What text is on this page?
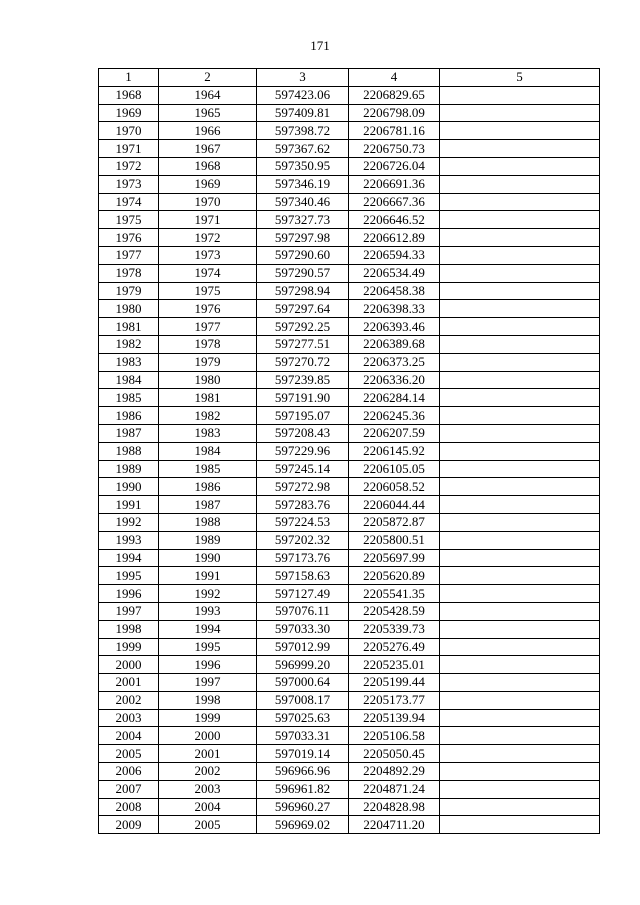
171
1	2	3	4	5
1968	1964	597423.06	2206829.65	
1969	1965	597409.81	2206798.09	
1970	1966	597398.72	2206781.16	
1971	1967	597367.62	2206750.73	
1972	1968	597350.95	2206726.04	
1973	1969	597346.19	2206691.36	
1974	1970	597340.46	2206667.36	
1975	1971	597327.73	2206646.52	
1976	1972	597297.98	2206612.89	
1977	1973	597290.60	2206594.33	
1978	1974	597290.57	2206534.49	
1979	1975	597298.94	2206458.38	
1980	1976	597297.64	2206398.33	
1981	1977	597292.25	2206393.46	
1982	1978	597277.51	2206389.68	
1983	1979	597270.72	2206373.25	
1984	1980	597239.85	2206336.20	
1985	1981	597191.90	2206284.14	
1986	1982	597195.07	2206245.36	
1987	1983	597208.43	2206207.59	
1988	1984	597229.96	2206145.92	
1989	1985	597245.14	2206105.05	
1990	1986	597272.98	2206058.52	
1991	1987	597283.76	2206044.44	
1992	1988	597224.53	2205872.87	
1993	1989	597202.32	2205800.51	
1994	1990	597173.76	2205697.99	
1995	1991	597158.63	2205620.89	
1996	1992	597127.49	2205541.35	
1997	1993	597076.11	2205428.59	
1998	1994	597033.30	2205339.73	
1999	1995	597012.99	2205276.49	
2000	1996	596999.20	2205235.01	
2001	1997	597000.64	2205199.44	
2002	1998	597008.17	2205173.77	
2003	1999	597025.63	2205139.94	
2004	2000	597033.31	2205106.58	
2005	2001	597019.14	2205050.45	
2006	2002	596966.96	2204892.29	
2007	2003	596961.82	2204871.24	
2008	2004	596960.27	2204828.98	
2009	2005	596969.02	2204711.20	
